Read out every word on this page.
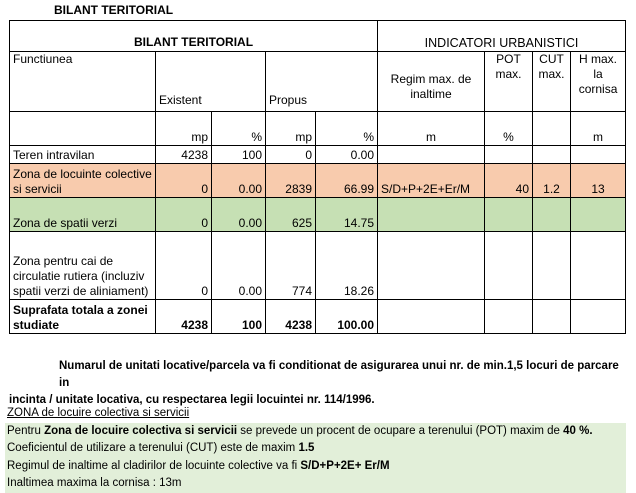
BILANT TERITORIAL
BILANT TERITORIAL					INDICATORI URBANISTICI			
Functiunea	Existent		Propus		Regim max. de inaltime	POT max.	CUT max.	H max. la cornisa
	mp	%	mp	%	m	%		m
Teren intravilan	4238	100	0	0.00				
Zona de locuinte colective si servicii	0	0.00	2839	66.99	S/D+P+2E+Er/M	40	1.2	13
Zona de spatii verzi	0	0.00	625	14.75				
Zona pentru cai de circulatie rutiera (incluziv spatii verzi de aliniament)	0	0.00	774	18.26				
Suprafata totala a zonei studiate	4238	100	4238	100.00				
Numarul de unitati locative/parcela va fi conditionat de asigurarea unui nr. de min.1,5 locuri de parcare in
incinta / unitate locativa, cu respectarea legii locuintei nr. 114/1996.
ZONA de locuire colectiva si servicii
Pentru Zona de locuire colectiva si servicii se prevede un procent de ocupare a terenului (POT) maxim de 40 %.
Coeficientul de utilizare a terenului (CUT) este de maxim 1.5
Regimul de inaltime al cladirilor de locuinte colective va fi S/D+P+2E+ Er/M
Inaltimea maxima la cornisa : 13m
